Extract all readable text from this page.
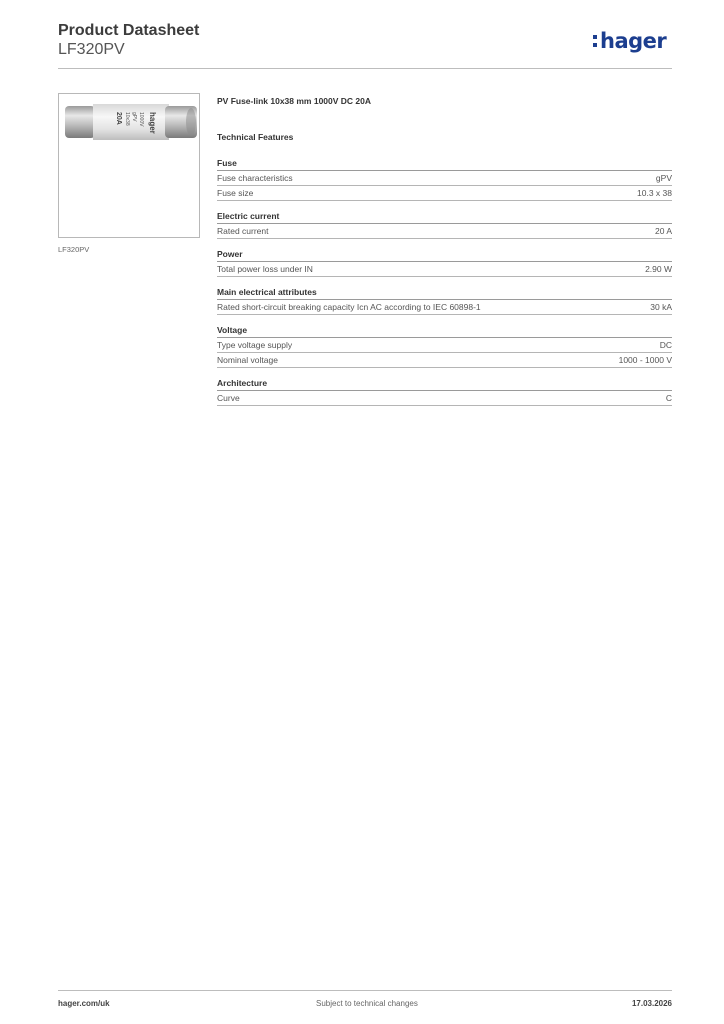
Product Datasheet
LF320PV	hager
hager
1000V
gPV
10x38
20A
LF320PV
PV Fuse-link 10x38 mm 1000V DC 20A
Technical Features
Fuse
Fuse characteristics	gPV
Fuse size	10.3 x 38
Electric current
Rated current	20 A
Power
Total power loss under IN	2.90 W
Main electrical attributes
Rated short-circuit breaking capacity Icn AC according to IEC 60898-1	30 kA
Voltage
Type voltage supply	DC
Nominal voltage	1000 - 1000 V
Architecture
Curve	C
hager.com/uk	Subject to technical changes	17.03.2026
